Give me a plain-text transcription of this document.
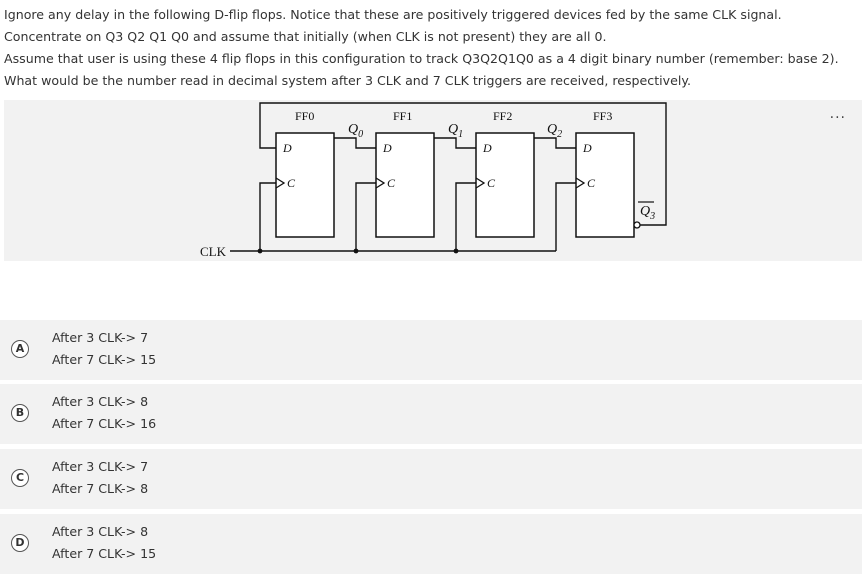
Ignore any delay in the following D-flip flops. Notice that these are positively triggered devices fed by the same CLK signal.
Concentrate on Q3 Q2 Q1 Q0 and assume that initially (when CLK is not present) they are all 0.
Assume that user is using these 4 flip flops in this configuration to track Q3Q2Q1Q0 as a 4 digit binary number (remember: base 2).
What would be the number read in decimal system after 3 CLK and 7 CLK triggers are received, respectively.
...
FF0	FF1	FF2	FF3
D	D	D	D
C	C	C	C
$Q_0$	$Q_1$	$Q_2$
$Q_3$
CLK
A
After 3 CLK-> 7
After 7 CLK-> 15
B
After 3 CLK-> 8
After 7 CLK-> 16
C
After 3 CLK-> 7
After 7 CLK-> 8
D
After 3 CLK-> 8
After 7 CLK-> 15
